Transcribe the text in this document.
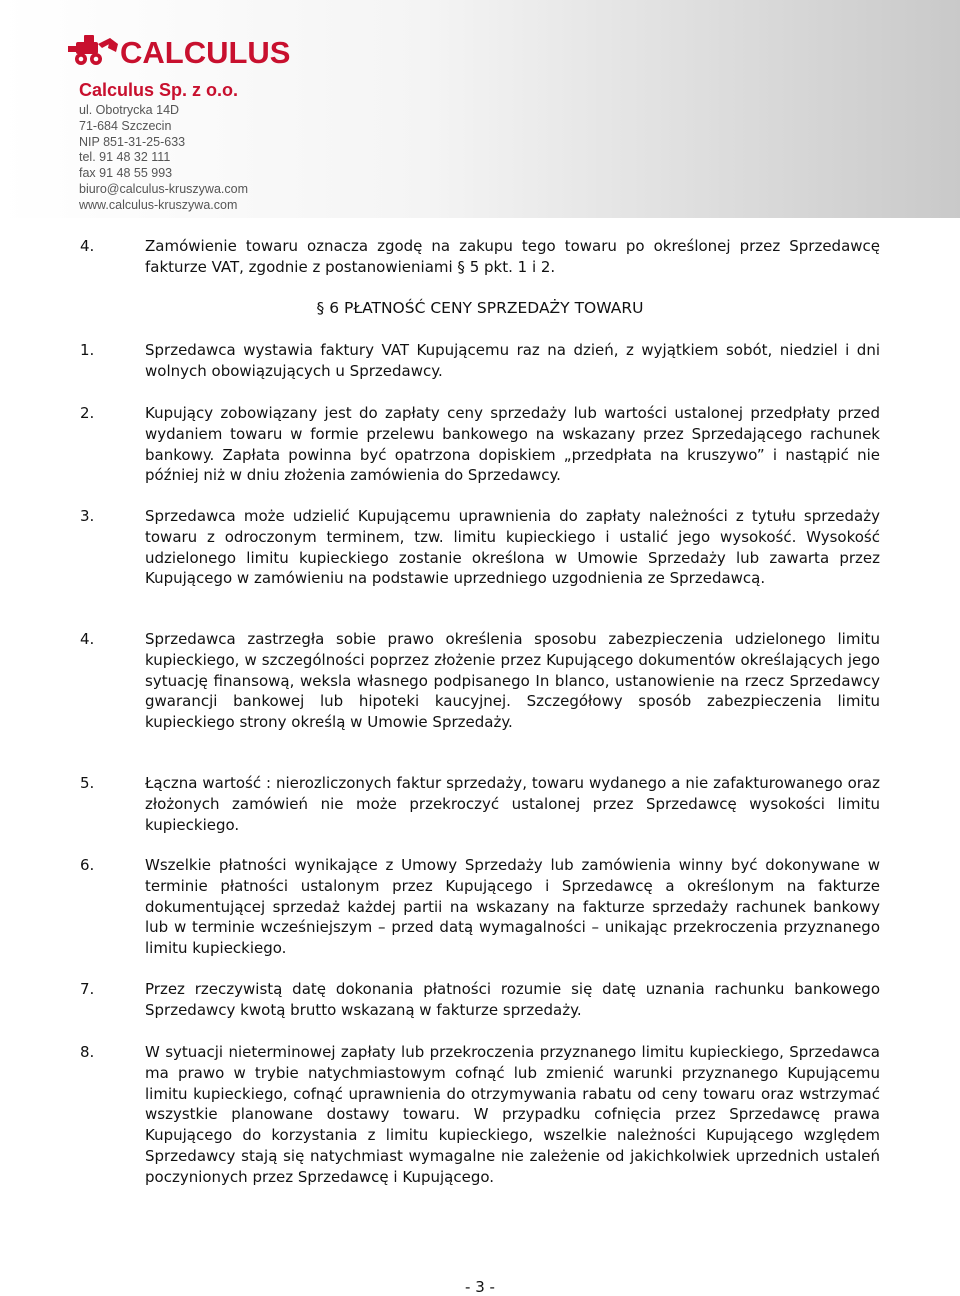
CALCULUS
Calculus Sp. z o.o.
ul. Obotrycka 14D
71-684 Szczecin
NIP 851-31-25-633
tel. 91 48 32 111
fax 91 48 55 993
biuro@calculus-kruszywa.com
www.calculus-kruszywa.com
4.	Zamówienie towaru oznacza zgodę na zakupu tego towaru po określonej przez Sprzedawcę fakturze VAT, zgodnie z postanowieniami § 5 pkt. 1 i 2.
§ 6 PŁATNOŚĆ CENY SPRZEDAŻY TOWARU
1.	Sprzedawca wystawia faktury VAT Kupującemu raz na dzień, z wyjątkiem sobót, niedziel i dni wolnych obowiązujących u Sprzedawcy.
2.	Kupujący zobowiązany jest do zapłaty ceny sprzedaży lub wartości ustalonej przedpłaty przed wydaniem towaru w formie przelewu bankowego na wskazany przez Sprzedającego rachunek bankowy. Zapłata powinna być opatrzona dopiskiem „przedpłata na kruszywo” i nastąpić nie później niż w dniu złożenia zamówienia do Sprzedawcy.
3.	Sprzedawca może udzielić Kupującemu uprawnienia do zapłaty należności z tytułu sprzedaży towaru z odroczonym terminem, tzw. limitu kupieckiego i ustalić jego wysokość. Wysokość udzielonego limitu kupieckiego zostanie określona w Umowie Sprzedaży lub zawarta przez Kupującego w zamówieniu na podstawie uprzedniego uzgodnienia ze Sprzedawcą.
4.	Sprzedawca zastrzegła sobie prawo określenia sposobu zabezpieczenia udzielonego limitu kupieckiego, w szczególności poprzez złożenie przez Kupującego dokumentów określających jego sytuację finansową, weksla własnego podpisanego In blanco, ustanowienie na rzecz Sprzedawcy gwarancji bankowej lub hipoteki kaucyjnej. Szczegółowy sposób zabezpieczenia limitu kupieckiego strony określą w Umowie Sprzedaży.
5.	Łączna wartość : nierozliczonych faktur sprzedaży, towaru wydanego a nie zafakturowanego oraz złożonych zamówień nie może przekroczyć ustalonej przez Sprzedawcę wysokości limitu kupieckiego.
6.	Wszelkie płatności wynikające z Umowy Sprzedaży lub zamówienia winny być dokonywane w terminie płatności ustalonym przez Kupującego i Sprzedawcę a określonym na fakturze dokumentującej sprzedaż każdej partii na wskazany na fakturze sprzedaży rachunek bankowy lub w terminie wcześniejszym – przed datą wymagalności – unikając przekroczenia przyznanego limitu kupieckiego.
7.	Przez rzeczywistą datę dokonania płatności rozumie się datę uznania rachunku bankowego Sprzedawcy kwotą brutto wskazaną w fakturze sprzedaży.
8.	W sytuacji nieterminowej zapłaty lub przekroczenia przyznanego limitu kupieckiego, Sprzedawca ma prawo w trybie natychmiastowym cofnąć lub zmienić warunki przyznanego Kupującemu limitu kupieckiego, cofnąć uprawnienia do otrzymywania rabatu od ceny towaru oraz wstrzymać wszystkie planowane dostawy towaru. W przypadku cofnięcia przez Sprzedawcę prawa Kupującego do korzystania z limitu kupieckiego, wszelkie należności Kupującego względem Sprzedawcy stają się natychmiast wymagalne nie zależenie od jakichkolwiek uprzednich ustaleń poczynionych przez Sprzedawcę i Kupującego.
- 3 -
